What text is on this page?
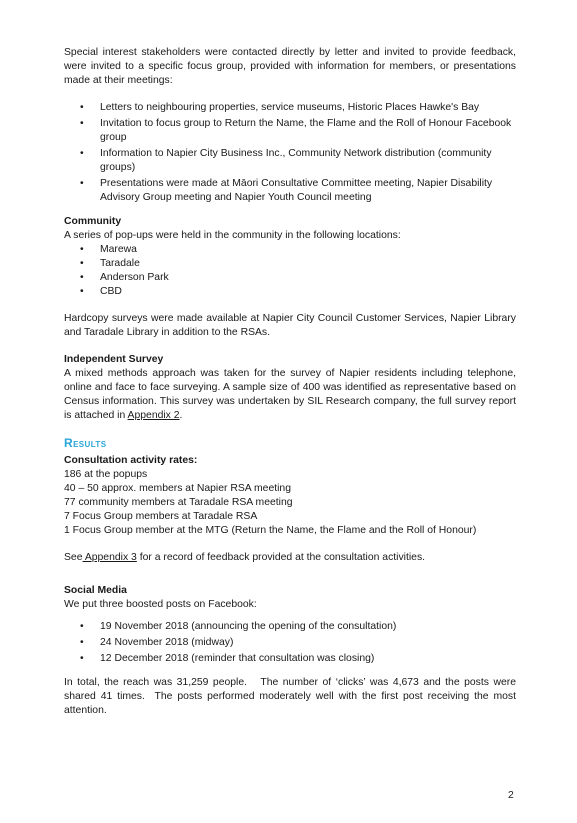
Special interest stakeholders were contacted directly by letter and invited to provide feedback, were invited to a specific focus group, provided with information for members, or presentations made at their meetings:

• Letters to neighbouring properties, service museums, Historic Places Hawke's Bay
• Invitation to focus group to Return the Name, the Flame and the Roll of Honour Facebook group
• Information to Napier City Business Inc., Community Network distribution (community groups)
• Presentations were made at Māori Consultative Committee meeting, Napier Disability Advisory Group meeting and Napier Youth Council meeting
Community

A series of pop-ups were held in the community in the following locations:

• Marewa
• Taradale
• Anderson Park
• CBD

Hardcopy surveys were made available at Napier City Council Customer Services, Napier Library and Taradale Library in addition to the RSAs.

Independent Survey

A mixed methods approach was taken for the survey of Napier residents including telephone, online and face to face surveying. A sample size of 400 was identified as representative based on Census information. This survey was undertaken by SIL Research company, the full survey report is attached in Appendix 2.

Results
Consultation activity rates:
186 at the popups
40 – 50 approx. members at Napier RSA meeting
77 community members at Taradale RSA meeting
7 Focus Group members at Taradale RSA
1 Focus Group member at the MTG (Return the Name, the Flame and the Roll of Honour)

See Appendix 3 for a record of feedback provided at the consultation activities.

Social Media

We put three boosted posts on Facebook:

• 19 November 2018 (announcing the opening of the consultation)
• 24 November 2018 (midway)
• 12 December 2018 (reminder that consultation was closing)

In total, the reach was 31,259 people.   The number of ‘clicks’ was 4,673 and the posts were shared 41 times.  The posts performed moderately well with the first post receiving the most attention.

2
